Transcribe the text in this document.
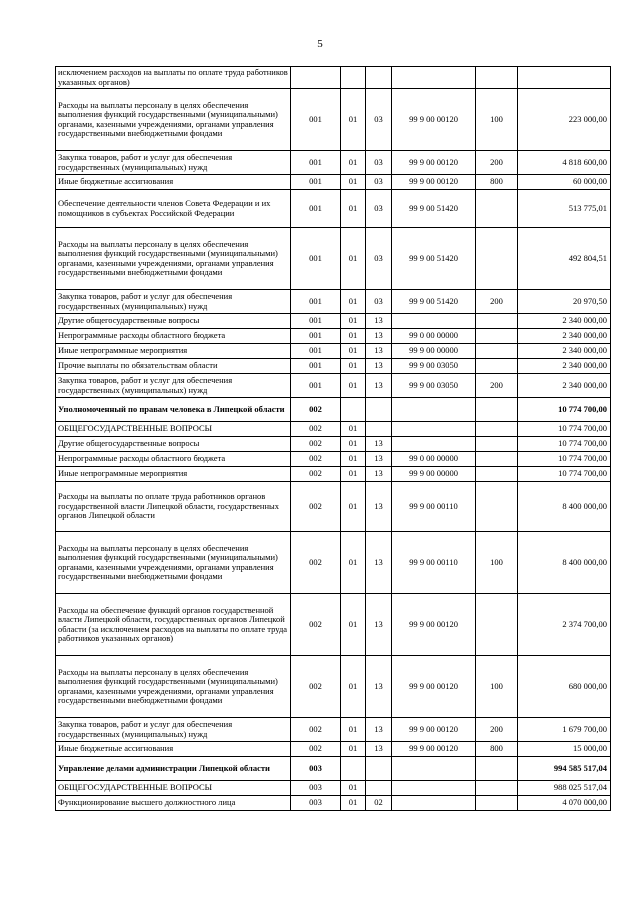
5
исключением расходов на выплаты по оплате труда работников указанных органов)						
Расходы на выплаты персоналу в целях обеспечения выполнения функций государственными (муниципальными) органами, казенными учреждениями, органами управления государственными внебюджетными фондами	001	01	03	99 9 00 00120	100	223 000,00
Закупка товаров, работ и услуг для обеспечения государственных (муниципальных) нужд	001	01	03	99 9 00 00120	200	4 818 600,00
Иные бюджетные ассигнования	001	01	03	99 9 00 00120	800	60 000,00
Обеспечение деятельности членов Совета Федерации и их помощников в субъектах Российской Федерации	001	01	03	99 9 00 51420		513 775,01
Расходы на выплаты персоналу в целях обеспечения выполнения функций государственными (муниципальными) органами, казенными учреждениями, органами управления государственными внебюджетными фондами	001	01	03	99 9 00 51420		492 804,51
Закупка товаров, работ и услуг для обеспечения государственных (муниципальных) нужд	001	01	03	99 9 00 51420	200	20 970,50
Другие общегосударственные вопросы	001	01	13			2 340 000,00
Непрограммные расходы областного бюджета	001	01	13	99 0 00 00000		2 340 000,00
Иные непрограммные мероприятия	001	01	13	99 9 00 00000		2 340 000,00
Прочие выплаты по обязательствам области	001	01	13	99 9 00 03050		2 340 000,00
Закупка товаров, работ и услуг для обеспечения государственных (муниципальных) нужд	001	01	13	99 9 00 03050	200	2 340 000,00
Уполномоченный по правам человека в Липецкой области	002					10 774 700,00
ОБЩЕГОСУДАРСТВЕННЫЕ ВОПРОСЫ	002	01				10 774 700,00
Другие общегосударственные вопросы	002	01	13			10 774 700,00
Непрограммные расходы областного бюджета	002	01	13	99 0 00 00000		10 774 700,00
Иные непрограммные мероприятия	002	01	13	99 9 00 00000		10 774 700,00
Расходы на выплаты по оплате труда работников органов государственной власти Липецкой области, государственных органов Липецкой области	002	01	13	99 9 00 00110		8 400 000,00
Расходы на выплаты персоналу в целях обеспечения выполнения функций государственными (муниципальными) органами, казенными учреждениями, органами управления государственными внебюджетными фондами	002	01	13	99 9 00 00110	100	8 400 000,00
Расходы на обеспечение функций органов государственной власти Липецкой области, государственных органов Липецкой области (за исключением расходов на выплаты по оплате труда работников указанных органов)	002	01	13	99 9 00 00120		2 374 700,00
Расходы на выплаты персоналу в целях обеспечения выполнения функций государственными (муниципальными) органами, казенными учреждениями, органами управления государственными внебюджетными фондами	002	01	13	99 9 00 00120	100	680 000,00
Закупка товаров, работ и услуг для обеспечения государственных (муниципальных) нужд	002	01	13	99 9 00 00120	200	1 679 700,00
Иные бюджетные ассигнования	002	01	13	99 9 00 00120	800	15 000,00
Управление делами администрации Липецкой области	003					994 585 517,04
ОБЩЕГОСУДАРСТВЕННЫЕ ВОПРОСЫ	003	01				988 025 517,04
Функционирование высшего должностного лица	003	01	02			4 070 000,00
